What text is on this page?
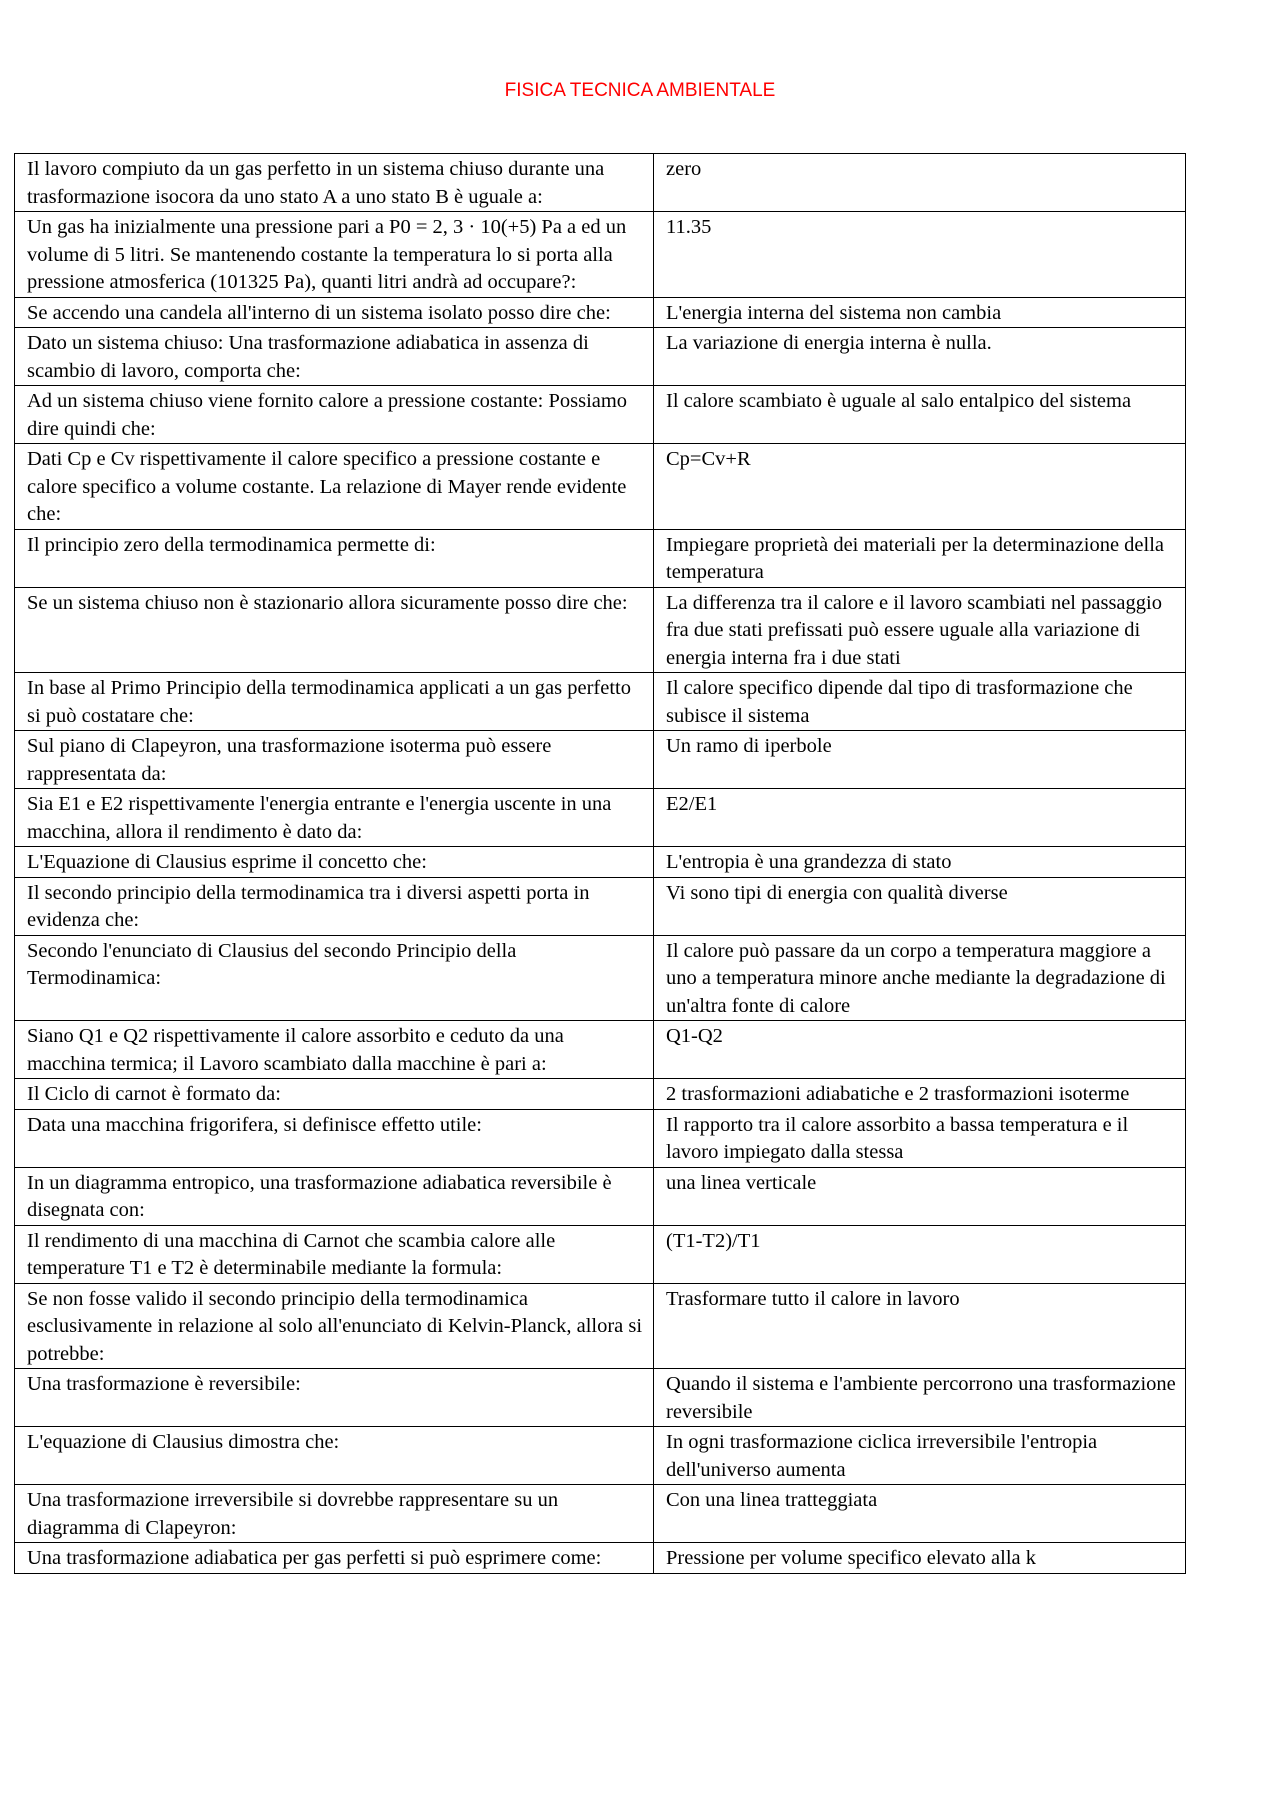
FISICA TECNICA AMBIENTALE
Il lavoro compiuto da un gas perfetto in un sistema chiuso durante una trasformazione isocora da uno stato A a uno stato B è uguale a:	zero
Un gas ha inizialmente una pressione pari a P0 = 2, 3 · 10(+5) Pa a ed un volume di 5 litri. Se mantenendo costante la temperatura lo si porta alla pressione atmosferica (101325 Pa), quanti litri andrà ad occupare?:	11.35
Se accendo una candela all'interno di un sistema isolato posso dire che:	L'energia interna del sistema non cambia
Dato un sistema chiuso: Una trasformazione adiabatica in assenza di scambio di lavoro, comporta che:	La variazione di energia interna è nulla.
Ad un sistema chiuso viene fornito calore a pressione costante: Possiamo dire quindi che:	Il calore scambiato è uguale al salo entalpico del sistema
Dati Cp e Cv rispettivamente il calore specifico a pressione costante e calore specifico a volume costante. La relazione di Mayer rende evidente che:	Cp=Cv+R
Il principio zero della termodinamica permette di:	Impiegare proprietà dei materiali per la determinazione della temperatura
Se un sistema chiuso non è stazionario allora sicuramente posso dire che:	La differenza tra il calore e il lavoro scambiati nel passaggio fra due stati prefissati può essere uguale alla variazione di energia interna fra i due stati
In base al Primo Principio della termodinamica applicati a un gas perfetto si può costatare che:	Il calore specifico dipende dal tipo di trasformazione che subisce il sistema
Sul piano di Clapeyron, una trasformazione isoterma può essere rappresentata da:	Un ramo di iperbole
Sia E1 e E2 rispettivamente l'energia entrante e l'energia uscente in una macchina, allora il rendimento è dato da:	E2/E1
L'Equazione di Clausius esprime il concetto che:	L'entropia è una grandezza di stato
Il secondo principio della termodinamica tra i diversi aspetti porta in evidenza che:	Vi sono tipi di energia con qualità diverse
Secondo l'enunciato di Clausius del secondo Principio della Termodinamica:	Il calore può passare da un corpo a temperatura maggiore a uno a temperatura minore anche mediante la degradazione di un'altra fonte di calore
Siano Q1 e Q2 rispettivamente il calore assorbito e ceduto da una macchina termica; il Lavoro scambiato dalla macchine è pari a:	Q1-Q2
Il Ciclo di carnot è formato da:	2 trasformazioni adiabatiche e 2 trasformazioni isoterme
Data una macchina frigorifera, si definisce effetto utile:	Il rapporto tra il calore assorbito a bassa temperatura e il lavoro impiegato dalla stessa
In un diagramma entropico, una trasformazione adiabatica reversibile è disegnata con:	una linea verticale
Il rendimento di una macchina di Carnot che scambia calore alle temperature T1 e T2 è determinabile mediante la formula:	(T1-T2)/T1
Se non fosse valido il secondo principio della termodinamica esclusivamente in relazione al solo all'enunciato di Kelvin-Planck, allora si potrebbe:	Trasformare tutto il calore in lavoro
Una trasformazione è reversibile:	Quando il sistema e l'ambiente percorrono una trasformazione reversibile
L'equazione di Clausius dimostra che:	In ogni trasformazione ciclica irreversibile l'entropia dell'universo aumenta
Una trasformazione irreversibile si dovrebbe rappresentare su un diagramma di Clapeyron:	Con una linea tratteggiata
Una trasformazione adiabatica per gas perfetti si può esprimere come:	Pressione per volume specifico elevato alla k
